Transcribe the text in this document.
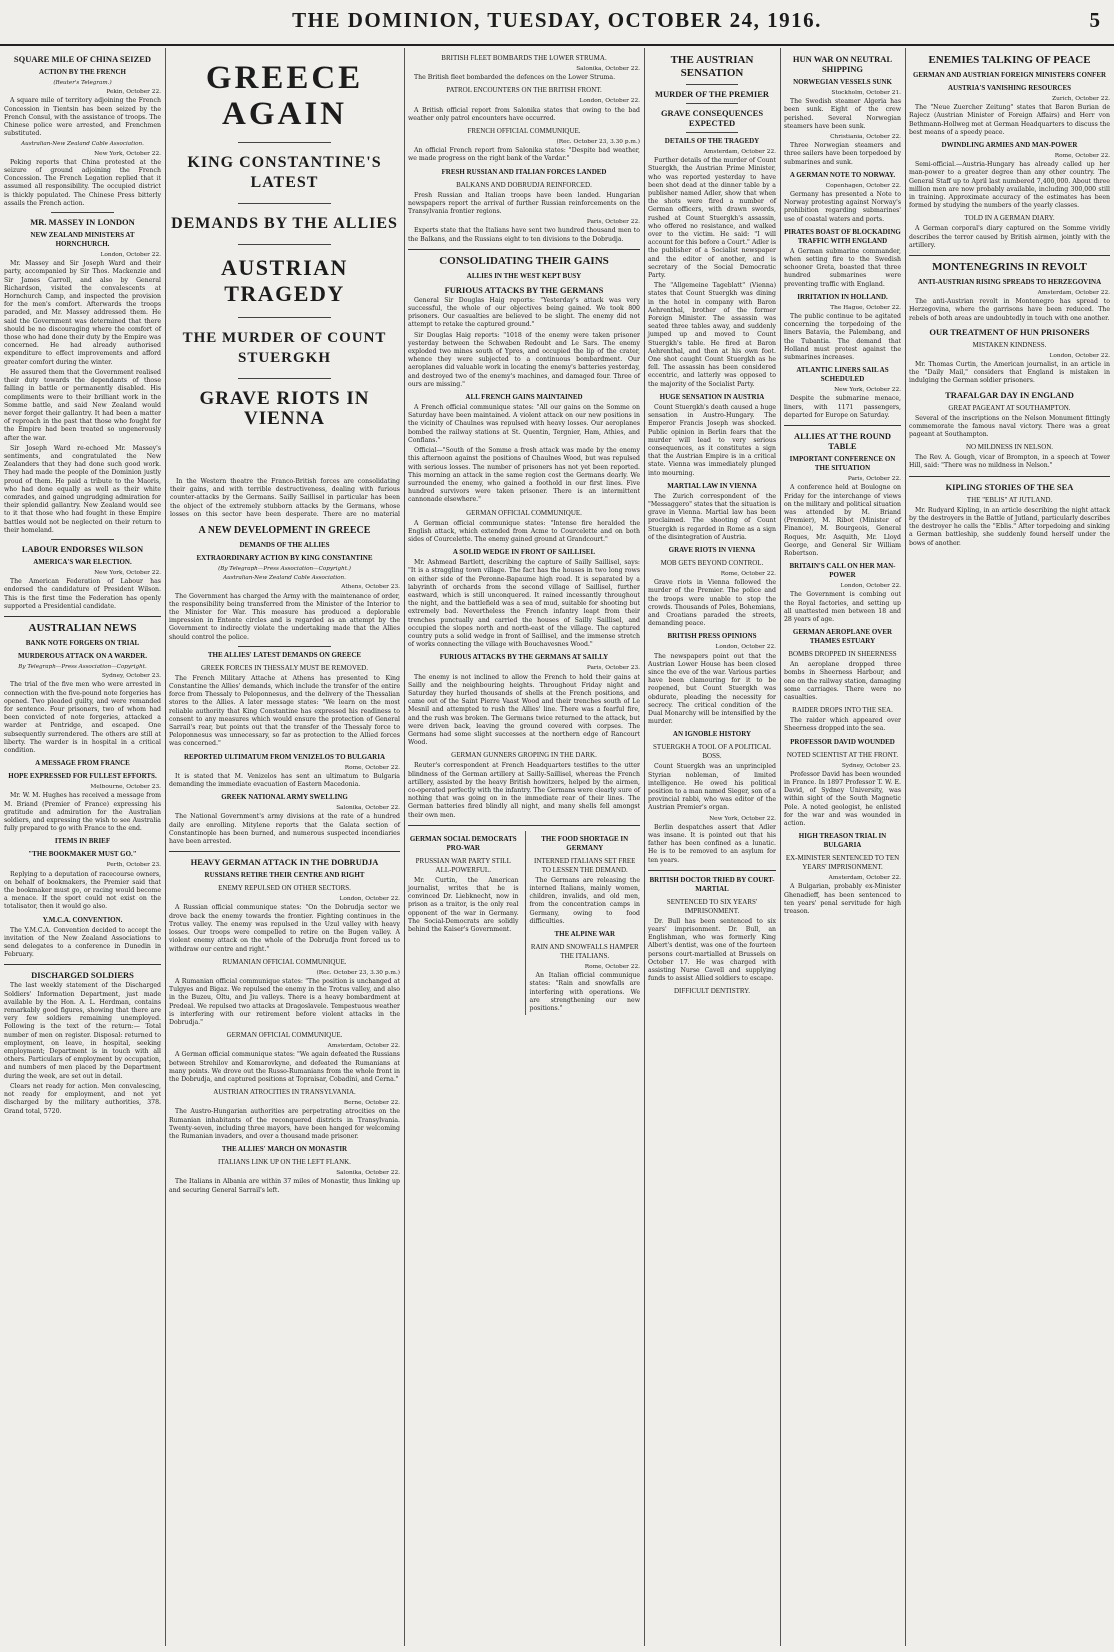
THE DOMINION, TUESDAY, OCTOBER 24, 1916.	5
SQUARE MILE OF CHINA SEIZED
ACTION BY THE FRENCH
(Reuter's Telegram.)
Pekin, October 22.
A square mile of territory adjoining the French Concession in Tientsin has been seized by the French Consul, with the assistance of troops. The Chinese police were arrested, and Frenchmen substituted.
Australian-New Zealand Cable Association.
New York, October 22.
Peking reports that China protested at the seizure of ground adjoining the French Concession. The French Legation replied that it assumed all responsibility. The occupied district is thickly populated. The Chinese Press bitterly assails the French action.
MR. MASSEY IN LONDON
NEW ZEALAND MINISTERS AT HORNCHURCH.
London, October 22.
Mr. Massey and Sir Joseph Ward and their party, accompanied by Sir Thos. Mackenzie and Sir James Carroll, and also by General Richardson, visited the convalescents at Hornchurch Camp, and inspected the provision for the men's comfort. Afterwards the troops paraded, and Mr. Massey addressed them. He said the Government was determined that there should be no discouraging where the comfort of those who had done their duty by the Empire was concerned. He had already authorised expenditure to effect improvements and afford greater comfort during the winter.
He assured them that the Government realised their duty towards the dependants of those falling in battle or permanently disabled. His compliments were to their brilliant work in the Somme battle, and said New Zealand would never forget their gallantry. It had been a matter of reproach in the past that those who fought for the Empire had been treated so ungenerously after the war.
Sir Joseph Ward re-echoed Mr. Massey's sentiments, and congratulated the New Zealanders that they had done such good work. They had made the people of the Dominion justly proud of them. He paid a tribute to the Maoris, who had done equally as well as their white comrades, and gained ungrudging admiration for their splendid gallantry. New Zealand would see to it that those who had fought in these Empire battles would not be neglected on their return to their homeland.
LABOUR ENDORSES WILSON
AMERICA'S WAR ELECTION.
New York, October 22.
The American Federation of Labour has endorsed the candidature of President Wilson. This is the first time the Federation has openly supported a Presidential candidate.
AUSTRALIAN NEWS
BANK NOTE FORGERS ON TRIAL
MURDEROUS ATTACK ON A WARDER.
By Telegraph—Press Association—Copyright.
Sydney, October 23.
The trial of the five men who were arrested in connection with the five-pound note forgeries has opened. Two pleaded guilty, and were remanded for sentence. Four prisoners, two of whom had been convicted of note forgeries, attacked a warder at Pentridge, and escaped. One subsequently surrendered. The others are still at liberty. The warder is in hospital in a critical condition.
A MESSAGE FROM FRANCE
HOPE EXPRESSED FOR FULLEST EFFORTS.
Melbourne, October 23.
Mr. W. M. Hughes has received a message from M. Briand (Premier of France) expressing his gratitude and admiration for the Australian soldiers, and expressing the wish to see Australia fully prepared to go with France to the end.
ITEMS IN BRIEF
"THE BOOKMAKER MUST GO."
Perth, October 23.
Replying to a deputation of racecourse owners, on behalf of bookmakers, the Premier said that the bookmaker must go, or racing would become a menace. If the sport could not exist on the totalisator, then it would go also.
Y.M.C.A. CONVENTION.
The Y.M.C.A. Convention decided to accept the invitation of the New Zealand Associations to send delegates to a conference in Dunedin in February.
DISCHARGED SOLDIERS
The last weekly statement of the Discharged Soldiers' Information Department, just made available by the Hon. A. L. Herdman, contains remarkably good figures, showing that there are very few soldiers remaining unemployed. Following is the text of the return:— Total number of men on register. Disposal: returned to employment, on leave, in hospital, seeking employment; Department is in touch with all others. Particulars of employment by occupation, and numbers of men placed by the Department during the week, are set out in detail.
Clears net ready for action. Men convalescing, not ready for employment, and not yet discharged by the military authorities, 378. Grand total, 5720.
GREECE AGAIN
KING CONSTANTINE'S LATEST
DEMANDS BY THE ALLIES
AUSTRIAN TRAGEDY
THE MURDER OF COUNT STUERGKH
GRAVE RIOTS IN VIENNA
In the Western theatre the Franco-British forces are consolidating their gains, and with terrible destructiveness, dealing with furious counter-attacks by the Germans. Sailly Saillisel in particular has been the object of the extremely stubborn attacks by the Germans, whose losses on this sector have been desperate. There are no material
A NEW DEVELOPMENT IN GREECE
DEMANDS OF THE ALLIES
EXTRAORDINARY ACTION BY KING CONSTANTINE
(By Telegraph—Press Association—Copyright.)
Australian-New Zealand Cable Association.
Athens, October 23.
The Government has charged the Army with the maintenance of order, the responsibility being transferred from the Minister of the Interior to the Minister for War. This measure has produced a deplorable impression in Entente circles and is regarded as an attempt by the Government to indirectly violate the undertaking made that the Allies should control the police.
THE ALLIES' LATEST DEMANDS ON GREECE
GREEK FORCES IN THESSALY MUST BE REMOVED.
The French Military Attache at Athens has presented to King Constantine the Allies' demands, which include the transfer of the entire force from Thessaly to Peloponnesus, and the delivery of the Thessalian stores to the Allies. A later message states: "We learn on the most reliable authority that King Constantine has expressed his readiness to consent to any measures which would ensure the protection of General Sarrail's rear, but points out that the transfer of the Thessaly force to Peloponnesus was unnecessary, so far as protection to the Allied forces was concerned."
REPORTED ULTIMATUM FROM VENIZELOS TO BULGARIA
Rome, October 22.
It is stated that M. Venizelos has sent an ultimatum to Bulgaria demanding the immediate evacuation of Eastern Macedonia.
GREEK NATIONAL ARMY SWELLING
Salonika, October 22.
The National Government's army divisions at the rate of a hundred daily are enrolling. Mitylene reports that the Galata section of Constantinople has been burned, and numerous suspected incendiaries have been arrested.
HEAVY GERMAN ATTACK IN THE DOBRUDJA
RUSSIANS RETIRE THEIR CENTRE AND RIGHT
ENEMY REPULSED ON OTHER SECTORS.
London, October 22.
A Russian official communique states: "On the Dobrudja sector we drove back the enemy towards the frontier. Fighting continues in the Trotus valley. The enemy was repulsed in the Uzul valley with heavy losses. Our troops were compelled to retire on the Bugen valley. A violent enemy attack on the whole of the Dobrudja front forced us to withdraw our centre and right."
RUMANIAN OFFICIAL COMMUNIQUE.
(Rec. October 23, 3.30 p.m.)
A Rumanian official communique states: "The position is unchanged at Tulgyes and Bigaz. We repulsed the enemy in the Trotus valley, and also in the Buzeu, Oltu, and Jiu valleys. There is a heavy bombardment at Predeal. We repulsed two attacks at Dragoslavele. Tempestuous weather is interfering with our retirement before violent attacks in the Dobrudja."
GERMAN OFFICIAL COMMUNIQUE.
Amsterdam, October 22.
A German official communique states: "We again defeated the Russians between Strehilov and Komarovkyne, and defeated the Rumanians at many points. We drove out the Russo-Rumanians from the whole front in the Dobrudja, and captured positions at Topraisar, Cobadini, and Cerna."
AUSTRIAN ATROCITIES IN TRANSYLVANIA.
Berne, October 22.
The Austro-Hungarian authorities are perpetrating atrocities on the Rumanian inhabitants of the reconquered districts in Transylvania. Twenty-seven, including three mayors, have been hanged for welcoming the Rumanian invaders, and over a thousand made prisoner.
THE ALLIES' MARCH ON MONASTIR
ITALIANS LINK UP ON THE LEFT FLANK.
Salonika, October 22.
The Italians in Albania are within 37 miles of Monastir, thus linking up and securing General Sarrail's left.
BRITISH FLEET BOMBARDS THE LOWER STRUMA.
Salonika, October 22.
The British fleet bombarded the defences on the Lower Struma.
PATROL ENCOUNTERS ON THE BRITISH FRONT.
London, October 22.
A British official report from Salonika states that owing to the bad weather only patrol encounters have occurred.
FRENCH OFFICIAL COMMUNIQUE.
(Rec. October 23, 3.30 p.m.)
An official French report from Salonika states: "Despite bad weather, we made progress on the right bank of the Vardar."
FRESH RUSSIAN AND ITALIAN FORCES LANDED
BALKANS AND DOBRUDJA REINFORCED.
Fresh Russian and Italian troops have been landed. Hungarian newspapers report the arrival of further Russian reinforcements on the Transylvania frontier regions.
Paris, October 22.
Experts state that the Italians have sent two hundred thousand men to the Balkans, and the Russians eight to ten divisions to the Dobrudja.
CONSOLIDATING THEIR GAINS
ALLIES IN THE WEST KEPT BUSY
FURIOUS ATTACKS BY THE GERMANS
General Sir Douglas Haig reports: "Yesterday's attack was very successful, the whole of our objectives being gained. We took 800 prisoners. Our casualties are believed to be slight. The enemy did not attempt to retake the captured ground."
Sir Douglas Haig reports: "1018 of the enemy were taken prisoner yesterday between the Schwaben Redoubt and Le Sars. The enemy exploded two mines south of Ypres, and occupied the lip of the crater, whence they were subjected to a continuous bombardment. Our aeroplanes did valuable work in locating the enemy's batteries yesterday, and destroyed two of the enemy's machines, and damaged four. Three of ours are missing."
ALL FRENCH GAINS MAINTAINED
A French official communique states: "All our gains on the Somme on Saturday have been maintained. A violent attack on our new positions in the vicinity of Chaulnes was repulsed with heavy losses. Our aeroplanes bombed the railway stations at St. Quentin, Tergnier, Ham, Athies, and Conflans."
Official—"South of the Somme a fresh attack was made by the enemy this afternoon against the positions of Chaulnes Wood, but was repulsed with serious losses. The number of prisoners has not yet been reported. This morning an attack in the same region cost the Germans dearly. We surrounded the enemy, who gained a foothold in our first lines. Five hundred survivors were taken prisoner. There is an intermittent cannonade elsewhere."
GERMAN OFFICIAL COMMUNIQUE.
A German official communique states: "Intense fire heralded the English attack, which extended from Acme to Courcelette and on both sides of Courcelette. The enemy gained ground at Grandcourt."
A SOLID WEDGE IN FRONT OF SAILLISEL
Mr. Ashmead Bartlett, describing the capture of Sailly Saillisel, says: "It is a straggling town village. The fact has the houses in two long rows on either side of the Peronne-Bapaume high road. It is separated by a labyrinth of orchards from the second village of Saillisel, further eastward, which is still unconquered. It rained incessantly throughout the night, and the battlefield was a sea of mud, suitable for shooting but extremely bad. Nevertheless the French infantry leapt from their trenches punctually and carried the houses of Sailly Saillisel, and occupied the slopes north and north-east of the village. The captured country puts a solid wedge in front of Saillisel, and the immense stretch of works connecting the village with Bouchavesnes Wood."
FURIOUS ATTACKS BY THE GERMANS AT SAILLY
Paris, October 23.
The enemy is not inclined to allow the French to hold their gains at Sailly and the neighbouring heights. Throughout Friday night and Saturday they hurled thousands of shells at the French positions, and came out of the Saint Pierre Vaast Wood and their trenches south of Le Mesnil and attempted to rush the Allies' line. There was a fearful fire, and the rush was broken. The Germans twice returned to the attack, but were driven back, leaving the ground covered with corpses. The Germans had some slight successes at the northern edge of Rancourt Wood.
GERMAN GUNNERS GROPING IN THE DARK.
Reuter's correspondent at French Headquarters testifies to the utter blindness of the German artillery at Sailly-Saillisel, whereas the French artillery, assisted by the heavy British howitzers, helped by the airmen, co-operated perfectly with the infantry. The Germans were clearly sure of nothing that was going on in the immediate rear of their lines. The German batteries fired blindly all night, and many shells fell amongst their own men.
GERMAN SOCIAL DEMOCRATS PRO-WAR
PRUSSIAN WAR PARTY STILL ALL-POWERFUL.
Mr. Curtin, the American journalist, writes that he is convinced Dr. Liebknecht, now in prison as a traitor, is the only real opponent of the war in Germany. The Social-Democrats are solidly behind the Kaiser's Government.
THE FOOD SHORTAGE IN GERMANY
INTERNED ITALIANS SET FREE TO LESSEN THE DEMAND.
The Germans are releasing the interned Italians, mainly women, children, invalids, and old men, from the concentration camps in Germany, owing to food difficulties.
THE ALPINE WAR
RAIN AND SNOWFALLS HAMPER THE ITALIANS.
Rome, October 22.
An Italian official communique states: "Rain and snowfalls are interfering with operations. We are strengthening our new positions."
THE AUSTRIAN SENSATION
MURDER OF THE PREMIER
GRAVE CONSEQUENCES EXPECTED
DETAILS OF THE TRAGEDY
Amsterdam, October 22.
Further details of the murder of Count Stuergkh, the Austrian Prime Minister, who was reported yesterday to have been shot dead at the dinner table by a publisher named Adler, show that when the shots were fired a number of German officers, with drawn swords, rushed at Count Stuergkh's assassin, who offered no resistance, and walked over to the victim. He said: "I will account for this before a Court." Adler is the publisher of a Socialist newspaper and the editor of another, and is secretary of the Social Democratic Party.
The "Allgemeine Tageblatt" (Vienna) states that Count Stuergkh was dining in the hotel in company with Baron Aehrenthal, brother of the former Foreign Minister. The assassin was seated three tables away, and suddenly jumped up and moved to Count Stuergkh's table. He fired at Baron Aehrenthal, and then at his own foot. One shot caught Count Stuergkh as he fell. The assassin has been considered eccentric, and latterly was opposed to the majority of the Socialist Party.
HUGE SENSATION IN AUSTRIA
Count Stuergkh's death caused a huge sensation in Austro-Hungary. The Emperor Francis Joseph was shocked. Public opinion in Berlin fears that the murder will lead to very serious consequences, as it constitutes a sign that the Austrian Empire is in a critical state. Vienna was immediately plunged into mourning.
MARTIAL LAW IN VIENNA
The Zurich correspondent of the "Messaggero" states that the situation is grave in Vienna. Martial law has been proclaimed. The shooting of Count Stuergkh is regarded in Rome as a sign of the disintegration of Austria.
GRAVE RIOTS IN VIENNA
MOB GETS BEYOND CONTROL.
Rome, October 22.
Grave riots in Vienna followed the murder of the Premier. The police and the troops were unable to stop the crowds. Thousands of Poles, Bohemians, and Croatians paraded the streets, demanding peace.
BRITISH PRESS OPINIONS
London, October 22.
The newspapers point out that the Austrian Lower House has been closed since the eve of the war. Various parties have been clamouring for it to be reopened, but Count Stuergkh was obdurate, pleading the necessity for secrecy. The critical condition of the Dual Monarchy will be intensified by the murder.
AN IGNOBLE HISTORY
STUERGKH A TOOL OF A POLITICAL BOSS.
Count Stuergkh was an unprincipled Styrian nobleman, of limited intelligence. He owed his political position to a man named Sieger, son of a provincial rabbi, who was editor of the Austrian Premier's organ.
New York, October 22.
Berlin despatches assert that Adler was insane. It is pointed out that his father has been confined as a lunatic. He is to be removed to an asylum for ten years.
BRITISH DOCTOR TRIED BY COURT-MARTIAL
SENTENCED TO SIX YEARS' IMPRISONMENT.
Dr. Bull has been sentenced to six years' imprisonment. Dr. Bull, an Englishman, who was formerly King Albert's dentist, was one of the fourteen persons court-martialled at Brussels on October 17. He was charged with assisting Nurse Cavell and supplying funds to assist Allied soldiers to escape.
DIFFICULT DENTISTRY.
HUN WAR ON NEUTRAL SHIPPING
NORWEGIAN VESSELS SUNK
Stockholm, October 21.
The Swedish steamer Algeria has been sunk. Eight of the crew perished. Several Norwegian steamers have been sunk.
Christiania, October 22.
Three Norwegian steamers and three sailers have been torpedoed by submarines and sunk.
A GERMAN NOTE TO NORWAY.
Copenhagen, October 22.
Germany has presented a Note to Norway protesting against Norway's prohibition regarding submarines' use of coastal waters and ports.
PIRATES BOAST OF BLOCKADING TRAFFIC WITH ENGLAND
A German submarine commander, when setting fire to the Swedish schooner Greta, boasted that three hundred submarines were preventing traffic with England.
IRRITATION IN HOLLAND.
The Hague, October 22.
The public continue to be agitated concerning the torpedoing of the liners Batavia, the Palembang, and the Tubantia. The demand that Holland must protest against the submarines increases.
ATLANTIC LINERS SAIL AS SCHEDULED
New York, October 22.
Despite the submarine menace, liners, with 1171 passengers, departed for Europe on Saturday.
ALLIES AT THE ROUND TABLE
IMPORTANT CONFERENCE ON THE SITUATION
Paris, October 22.
A conference held at Boulogne on Friday for the interchange of views on the military and political situation was attended by M. Briand (Premier), M. Ribot (Minister of Finance), M. Bourgeois, General Roques, Mr. Asquith, Mr. Lloyd George, and General Sir William Robertson.
BRITAIN'S CALL ON HER MAN-POWER
London, October 22.
The Government is combing out the Royal factories, and setting up all unattested men between 18 and 28 years of age.
GERMAN AEROPLANE OVER THAMES ESTUARY
BOMBS DROPPED IN SHEERNESS
An aeroplane dropped three bombs in Sheerness Harbour, and one on the railway station, damaging some carriages. There were no casualties.
RAIDER DROPS INTO THE SEA.
The raider which appeared over Sheerness dropped into the sea.
PROFESSOR DAVID WOUNDED
NOTED SCIENTIST AT THE FRONT.
Sydney, October 23.
Professor David has been wounded in France. In 1897 Professor T. W. E. David, of Sydney University, was within sight of the South Magnetic Pole. A noted geologist, he enlisted for the war and was wounded in action.
HIGH TREASON TRIAL IN BULGARIA
EX-MINISTER SENTENCED TO TEN YEARS' IMPRISONMENT.
Amsterdam, October 22.
A Bulgarian, probably ex-Minister Ghenadieff, has been sentenced to ten years' penal servitude for high treason.
ENEMIES TALKING OF PEACE
GERMAN AND AUSTRIAN FOREIGN MINISTERS CONFER
AUSTRIA'S VANISHING RESOURCES
Zurich, October 22.
The "Neue Zuercher Zeitung" states that Baron Burian de Rajecz (Austrian Minister of Foreign Affairs) and Herr von Bethmann-Hollweg met at German Headquarters to discuss the best means of a speedy peace.
DWINDLING ARMIES AND MAN-POWER
Rome, October 22.
Semi-official.—Austria-Hungary has already called up her man-power to a greater degree than any other country. The General Staff up to April last numbered 7,400,000. About three million men are now probably available, including 300,000 still in training. Approximate accuracy of the estimates has been formed by studying the numbers of the yearly classes.
TOLD IN A GERMAN DIARY.
A German corporal's diary captured on the Somme vividly describes the terror caused by British airmen, jointly with the artillery.
MONTENEGRINS IN REVOLT
ANTI-AUSTRIAN RISING SPREADS TO HERZEGOVINA
Amsterdam, October 22.
The anti-Austrian revolt in Montenegro has spread to Herzegovina, where the garrisons have been reduced. The rebels of both areas are undoubtedly in touch with one another.
OUR TREATMENT OF HUN PRISONERS
MISTAKEN KINDNESS.
London, October 22.
Mr. Thomas Curtin, the American journalist, in an article in the "Daily Mail," considers that England is mistaken in indulging the German soldier prisoners.
TRAFALGAR DAY IN ENGLAND
GREAT PAGEANT AT SOUTHAMPTON.
Several of the inscriptions on the Nelson Monument fittingly commemorate the famous naval victory. There was a great pageant at Southampton.
NO MILDNESS IN NELSON.
The Rev. A. Gough, vicar of Brompton, in a speech at Tower Hill, said: "There was no mildness in Nelson."
KIPLING STORIES OF THE SEA
THE "EBLIS" AT JUTLAND.
Mr. Rudyard Kipling, in an article describing the night attack by the destroyers in the Battle of Jutland, particularly describes the destroyer he calls the "Eblis." After torpedoing and sinking a German battleship, she suddenly found herself under the bows of another.
